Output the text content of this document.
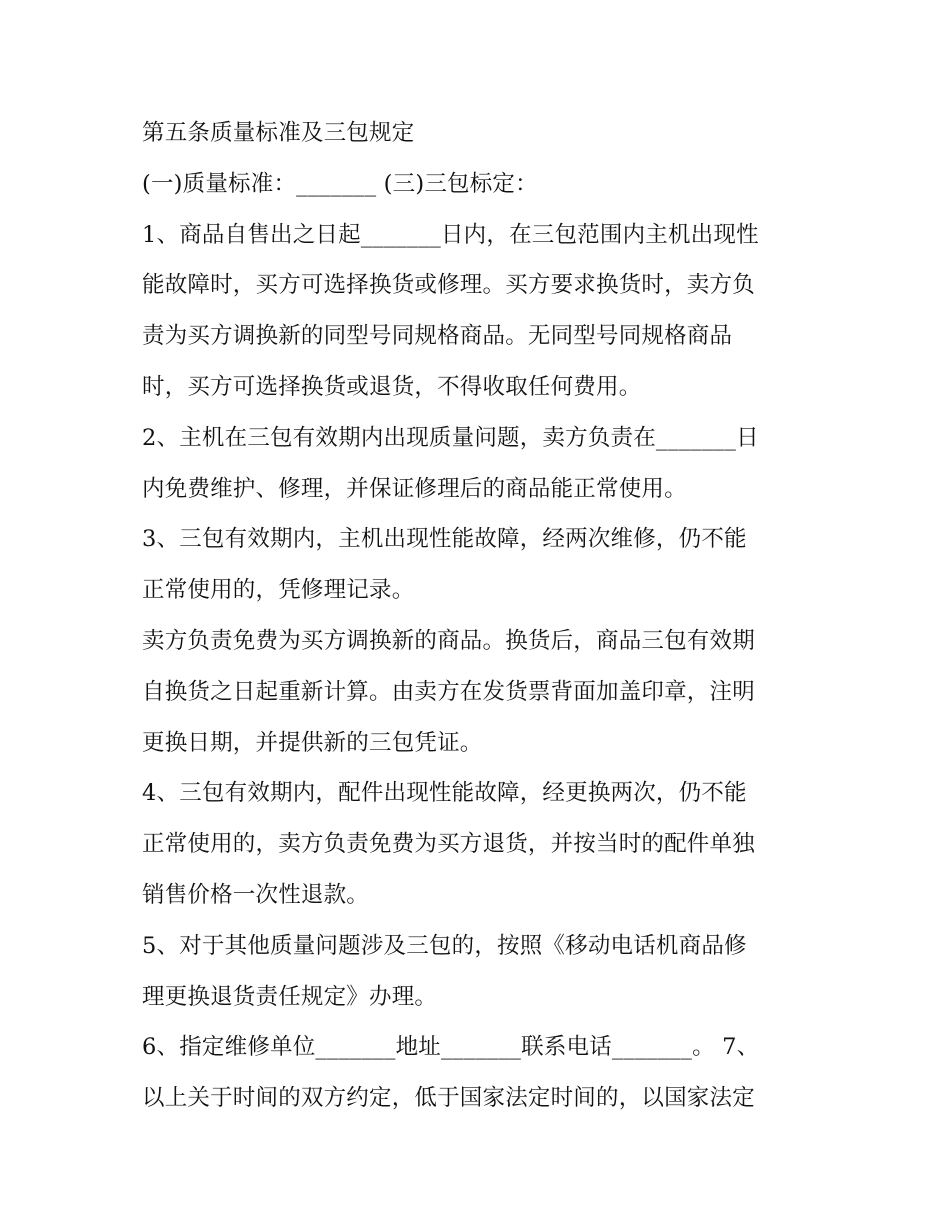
第五条质量标准及三包规定
(一)质量标准：_______ (三)三包标定：
1、商品自售出之日起_______日内，在三包范围内主机出现性
能故障时，买方可选择换货或修理。买方要求换货时，卖方负
责为买方调换新的同型号同规格商品。无同型号同规格商品
时，买方可选择换货或退货，不得收取任何费用。
2、主机在三包有效期内出现质量问题，卖方负责在_______日
内免费维护、修理，并保证修理后的商品能正常使用。
3、三包有效期内，主机出现性能故障，经两次维修，仍不能
正常使用的，凭修理记录。
卖方负责免费为买方调换新的商品。换货后，商品三包有效期
自换货之日起重新计算。由卖方在发货票背面加盖印章，注明
更换日期，并提供新的三包凭证。
4、三包有效期内，配件出现性能故障，经更换两次，仍不能
正常使用的，卖方负责免费为买方退货，并按当时的配件单独
销售价格一次性退款。
5、对于其他质量问题涉及三包的，按照《移动电话机商品修
理更换退货责任规定》办理。
6、指定维修单位_______地址_______联系电话_______。 7、
以上关于时间的双方约定，低于国家法定时间的，以国家法定
